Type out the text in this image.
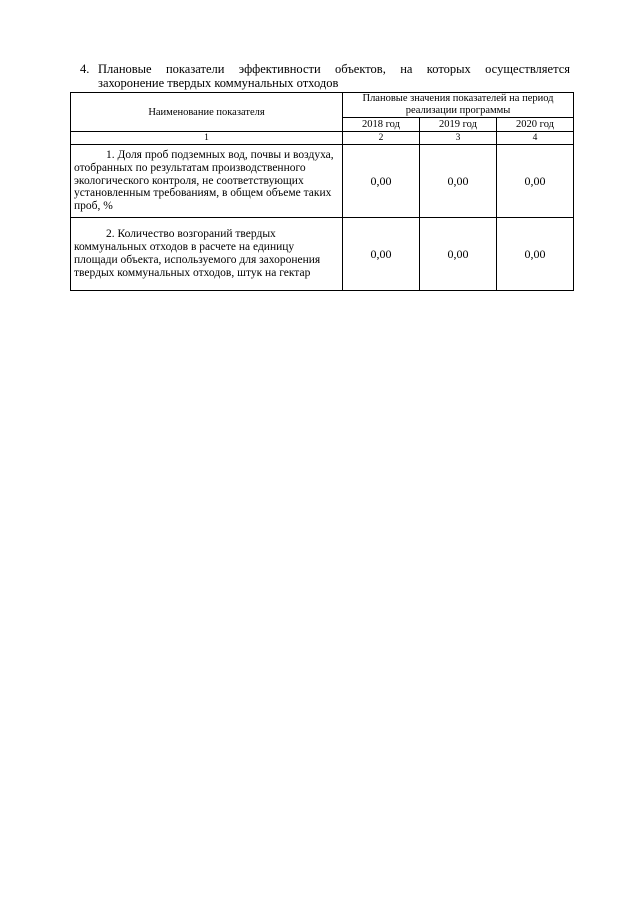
4. Плановые показатели эффективности объектов, на которых осуществляется
захоронение твердых коммунальных отходов
Наименование показателя	Плановые значения показателей на период реализации программы		
	2018 год	2019 год	2020 год
1	2	3	4

1. Доля проб подземных вод, почвы и воздуха, отобранных по результатам производственного экологического контроля, не соответствующих установленным требованиям, в общем объеме таких проб, %	0,00	0,00	0,00

2. Количество возгораний твердых коммунальных отходов в расчете на единицу площади объекта, используемого для захоронения твердых коммунальных отходов, штук на гектар	0,00	0,00	0,00
